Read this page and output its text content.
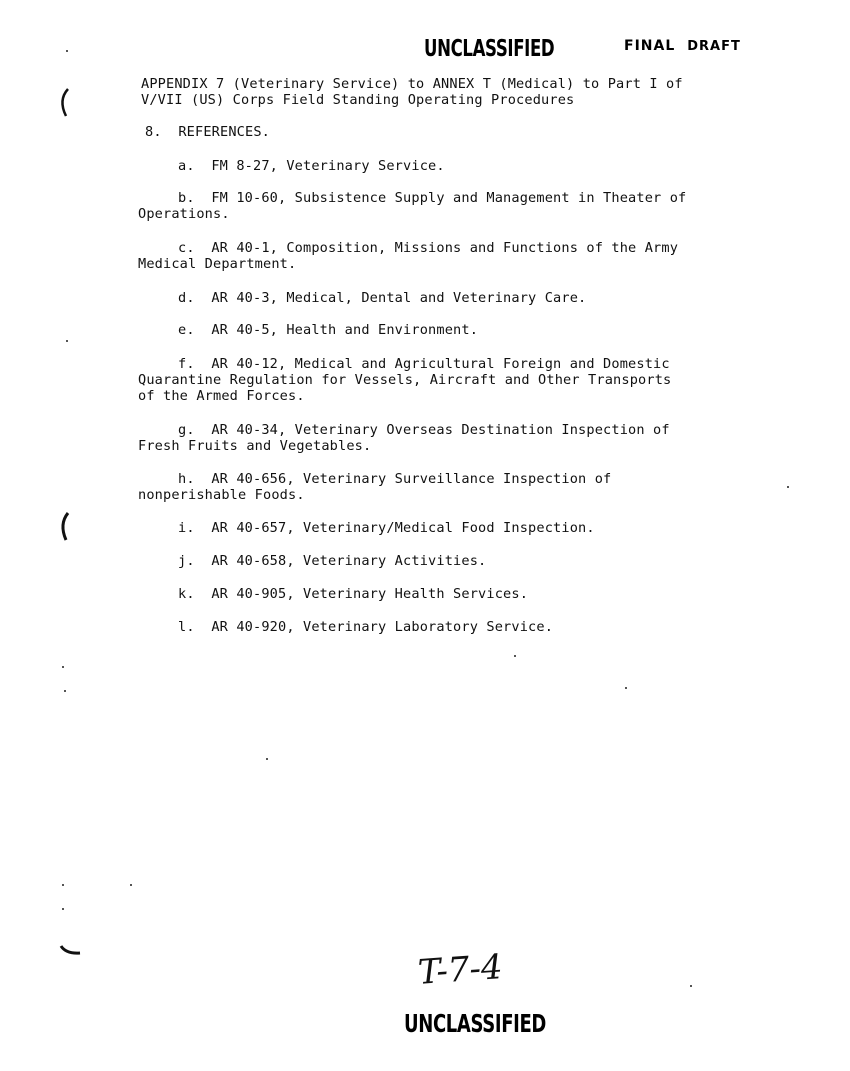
UNCLASSIFIED	FINAL DRAFT
APPENDIX 7 (Veterinary Service) to ANNEX T (Medical) to Part I of
V/VII (US) Corps Field Standing Operating Procedures
8.  REFERENCES.
a.  FM 8-27, Veterinary Service.
b.  FM 10-60, Subsistence Supply and Management in Theater of
Operations.
c.  AR 40-1, Composition, Missions and Functions of the Army
Medical Department.
d.  AR 40-3, Medical, Dental and Veterinary Care.
e.  AR 40-5, Health and Environment.
f.  AR 40-12, Medical and Agricultural Foreign and Domestic
Quarantine Regulation for Vessels, Aircraft and Other Transports
of the Armed Forces.
g.  AR 40-34, Veterinary Overseas Destination Inspection of
Fresh Fruits and Vegetables.
h.  AR 40-656, Veterinary Surveillance Inspection of
nonperishable Foods.
i.  AR 40-657, Veterinary/Medical Food Inspection.
j.  AR 40-658, Veterinary Activities.
k.  AR 40-905, Veterinary Health Services.
l.  AR 40-920, Veterinary Laboratory Service.
T-7-4
UNCLASSIFIED
